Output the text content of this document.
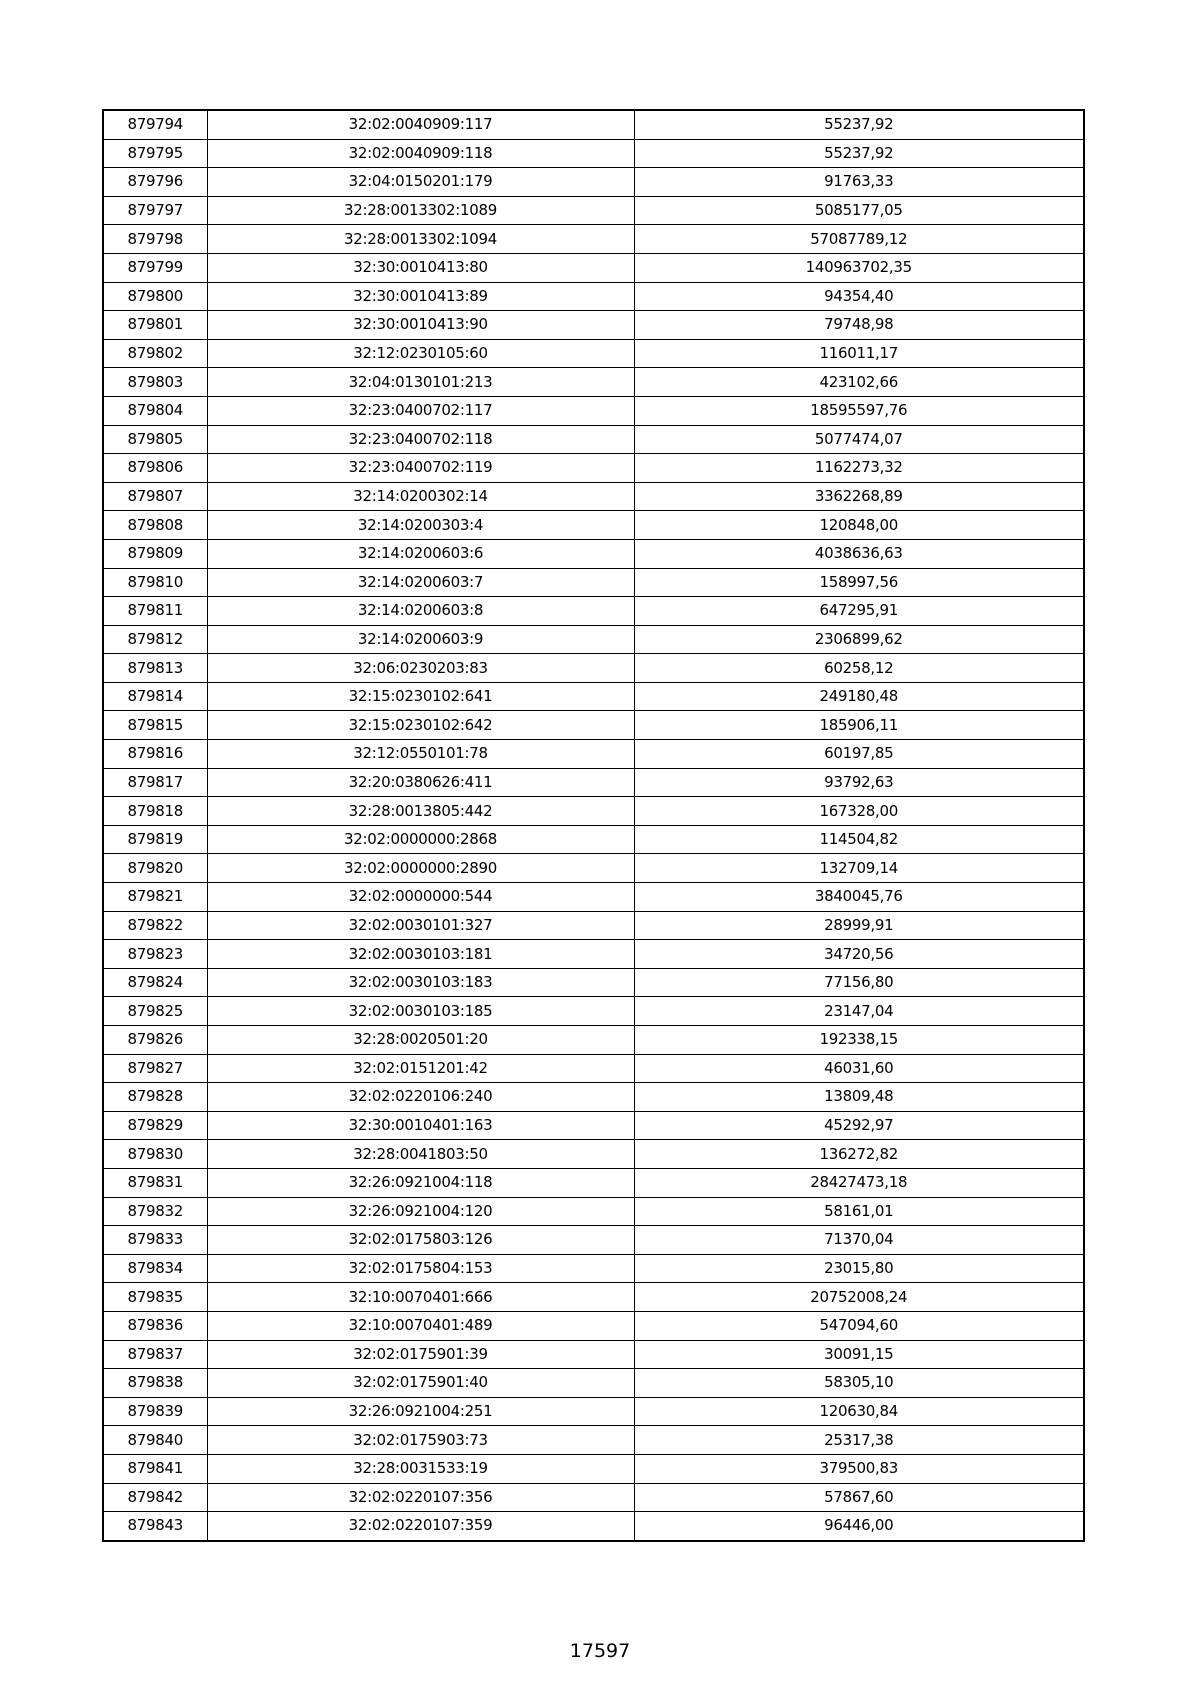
879794	32:02:0040909:117	55237,92
879795	32:02:0040909:118	55237,92
879796	32:04:0150201:179	91763,33
879797	32:28:0013302:1089	5085177,05
879798	32:28:0013302:1094	57087789,12
879799	32:30:0010413:80	140963702,35
879800	32:30:0010413:89	94354,40
879801	32:30:0010413:90	79748,98
879802	32:12:0230105:60	116011,17
879803	32:04:0130101:213	423102,66
879804	32:23:0400702:117	18595597,76
879805	32:23:0400702:118	5077474,07
879806	32:23:0400702:119	1162273,32
879807	32:14:0200302:14	3362268,89
879808	32:14:0200303:4	120848,00
879809	32:14:0200603:6	4038636,63
879810	32:14:0200603:7	158997,56
879811	32:14:0200603:8	647295,91
879812	32:14:0200603:9	2306899,62
879813	32:06:0230203:83	60258,12
879814	32:15:0230102:641	249180,48
879815	32:15:0230102:642	185906,11
879816	32:12:0550101:78	60197,85
879817	32:20:0380626:411	93792,63
879818	32:28:0013805:442	167328,00
879819	32:02:0000000:2868	114504,82
879820	32:02:0000000:2890	132709,14
879821	32:02:0000000:544	3840045,76
879822	32:02:0030101:327	28999,91
879823	32:02:0030103:181	34720,56
879824	32:02:0030103:183	77156,80
879825	32:02:0030103:185	23147,04
879826	32:28:0020501:20	192338,15
879827	32:02:0151201:42	46031,60
879828	32:02:0220106:240	13809,48
879829	32:30:0010401:163	45292,97
879830	32:28:0041803:50	136272,82
879831	32:26:0921004:118	28427473,18
879832	32:26:0921004:120	58161,01
879833	32:02:0175803:126	71370,04
879834	32:02:0175804:153	23015,80
879835	32:10:0070401:666	20752008,24
879836	32:10:0070401:489	547094,60
879837	32:02:0175901:39	30091,15
879838	32:02:0175901:40	58305,10
879839	32:26:0921004:251	120630,84
879840	32:02:0175903:73	25317,38
879841	32:28:0031533:19	379500,83
879842	32:02:0220107:356	57867,60
879843	32:02:0220107:359	96446,00
17597
